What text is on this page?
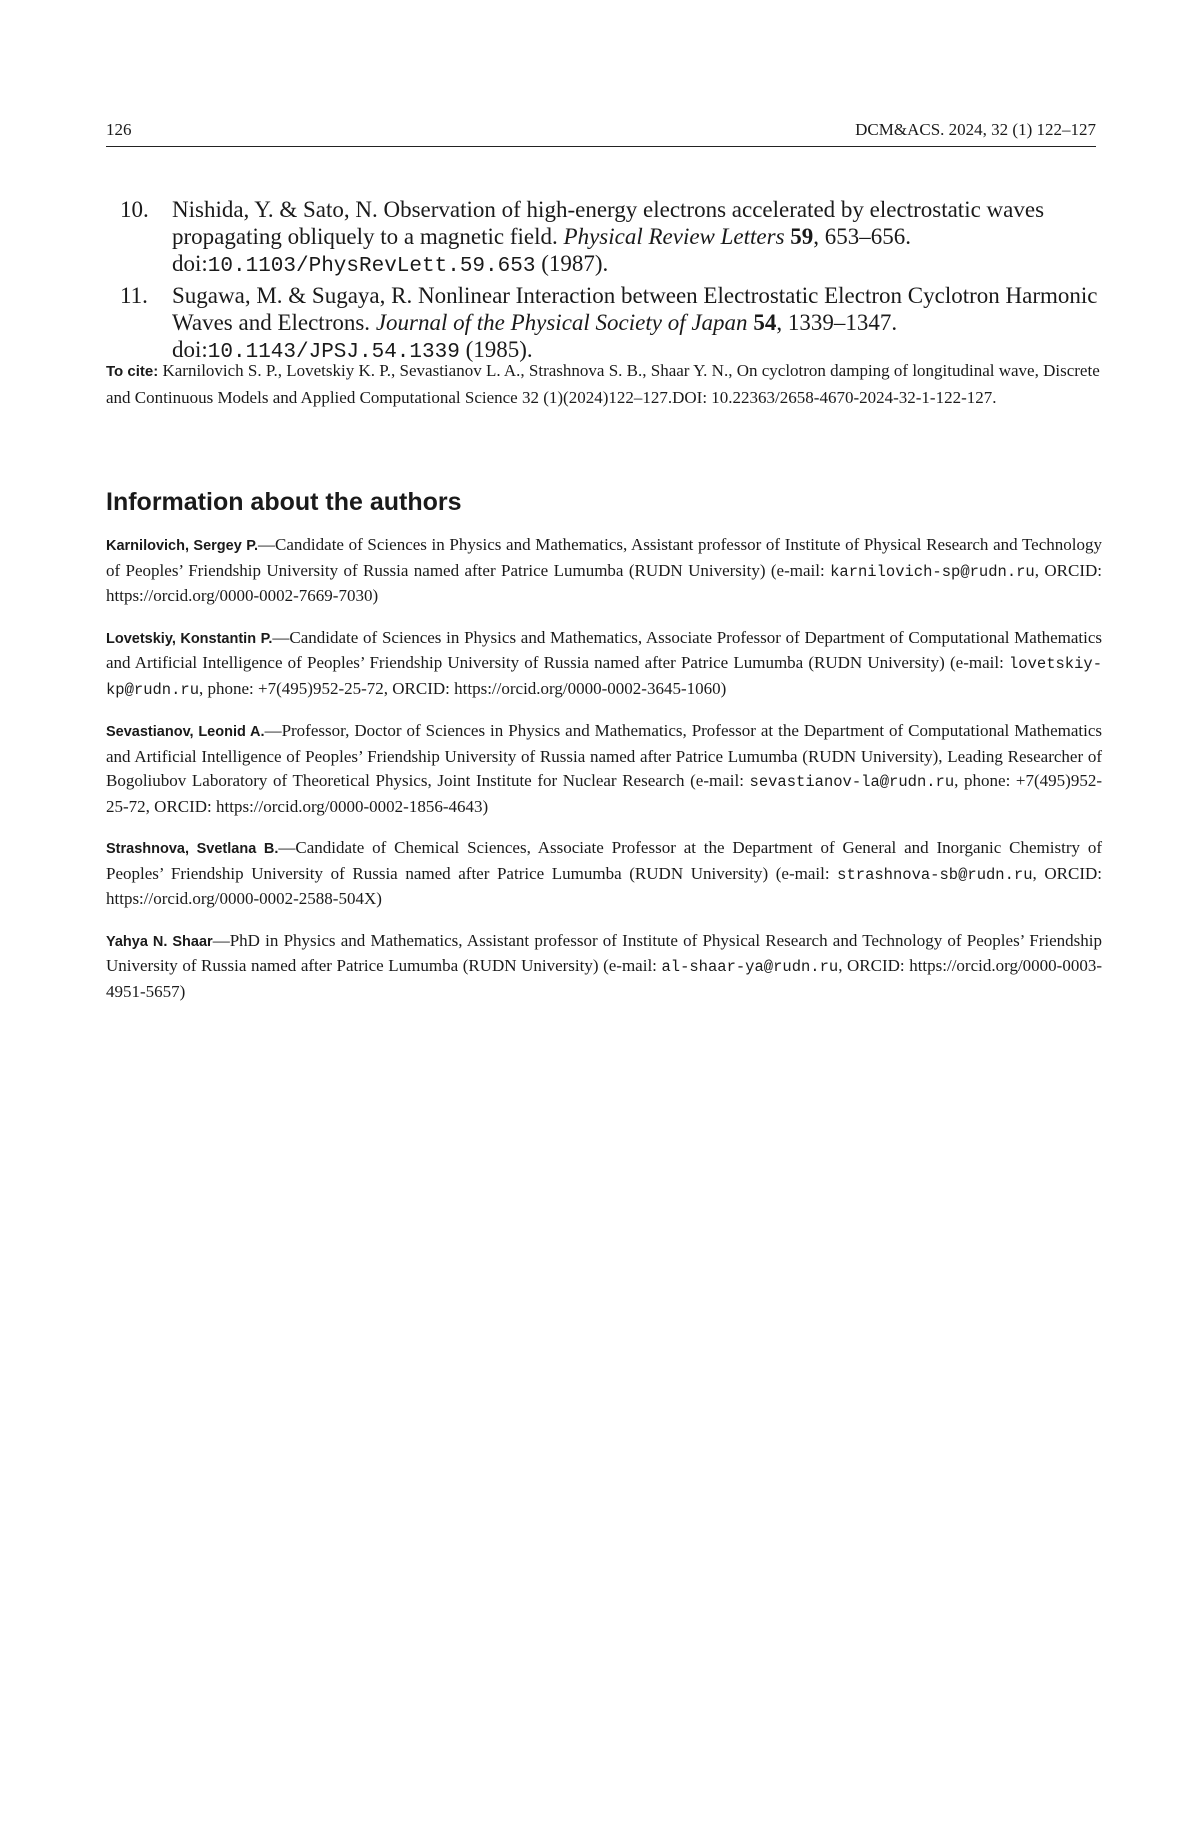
126	DCM&ACS. 2024, 32 (1) 122–127
10. Nishida, Y. & Sato, N. Observation of high-energy electrons accelerated by electrostatic waves propagating obliquely to a magnetic field. Physical Review Letters 59, 653–656. doi:10.1103/PhysRevLett.59.653 (1987).
11. Sugawa, M. & Sugaya, R. Nonlinear Interaction between Electrostatic Electron Cyclotron Harmonic Waves and Electrons. Journal of the Physical Society of Japan 54, 1339–1347. doi:10.1143/JPSJ.54.1339 (1985).
To cite: Karnilovich S. P., Lovetskiy K. P., Sevastianov L. A., Strashnova S. B., Shaar Y. N., On cyclotron damping of longitudinal wave, Discrete and Continuous Models and Applied Computational Science 32 (1)(2024)122–127.DOI: 10.22363/2658-4670-2024-32-1-122-127.
Information about the authors

Karnilovich, Sergey P.—Candidate of Sciences in Physics and Mathematics, Assistant professor of Institute of Physical Research and Technology of Peoples’ Friendship University of Russia named after Patrice Lumumba (RUDN University) (e-mail: karnilovich-sp@rudn.ru, ORCID: https://orcid.org/0000-0002-7669-7030)

Lovetskiy, Konstantin P.—Candidate of Sciences in Physics and Mathematics, Associate Professor of Department of Computational Mathematics and Artificial Intelligence of Peoples’ Friendship University of Russia named after Patrice Lumumba (RUDN University) (e-mail: lovetskiy-kp@rudn.ru, phone: +7(495)952-25-72, ORCID: https://orcid.org/0000-0002-3645-1060)

Sevastianov, Leonid A.—Professor, Doctor of Sciences in Physics and Mathematics, Professor at the Department of Computational Mathematics and Artificial Intelligence of Peoples’ Friendship University of Russia named after Patrice Lumumba (RUDN University), Leading Researcher of Bogoliubov Laboratory of Theoretical Physics, Joint Institute for Nuclear Research (e-mail: sevastianov-la@rudn.ru, phone: +7(495)952-25-72, ORCID: https://orcid.org/0000-0002-1856-4643)

Strashnova, Svetlana B.—Candidate of Chemical Sciences, Associate Professor at the Department of General and Inorganic Chemistry of Peoples’ Friendship University of Russia named after Patrice Lumumba (RUDN University) (e-mail: strashnova-sb@rudn.ru, ORCID: https://orcid.org/0000-0002-2588-504X)

Yahya N. Shaar—PhD in Physics and Mathematics, Assistant professor of Institute of Physical Research and Technology of Peoples’ Friendship University of Russia named after Patrice Lumumba (RUDN University) (e-mail: al-shaar-ya@rudn.ru, ORCID: https://orcid.org/0000-0003-4951-5657)
